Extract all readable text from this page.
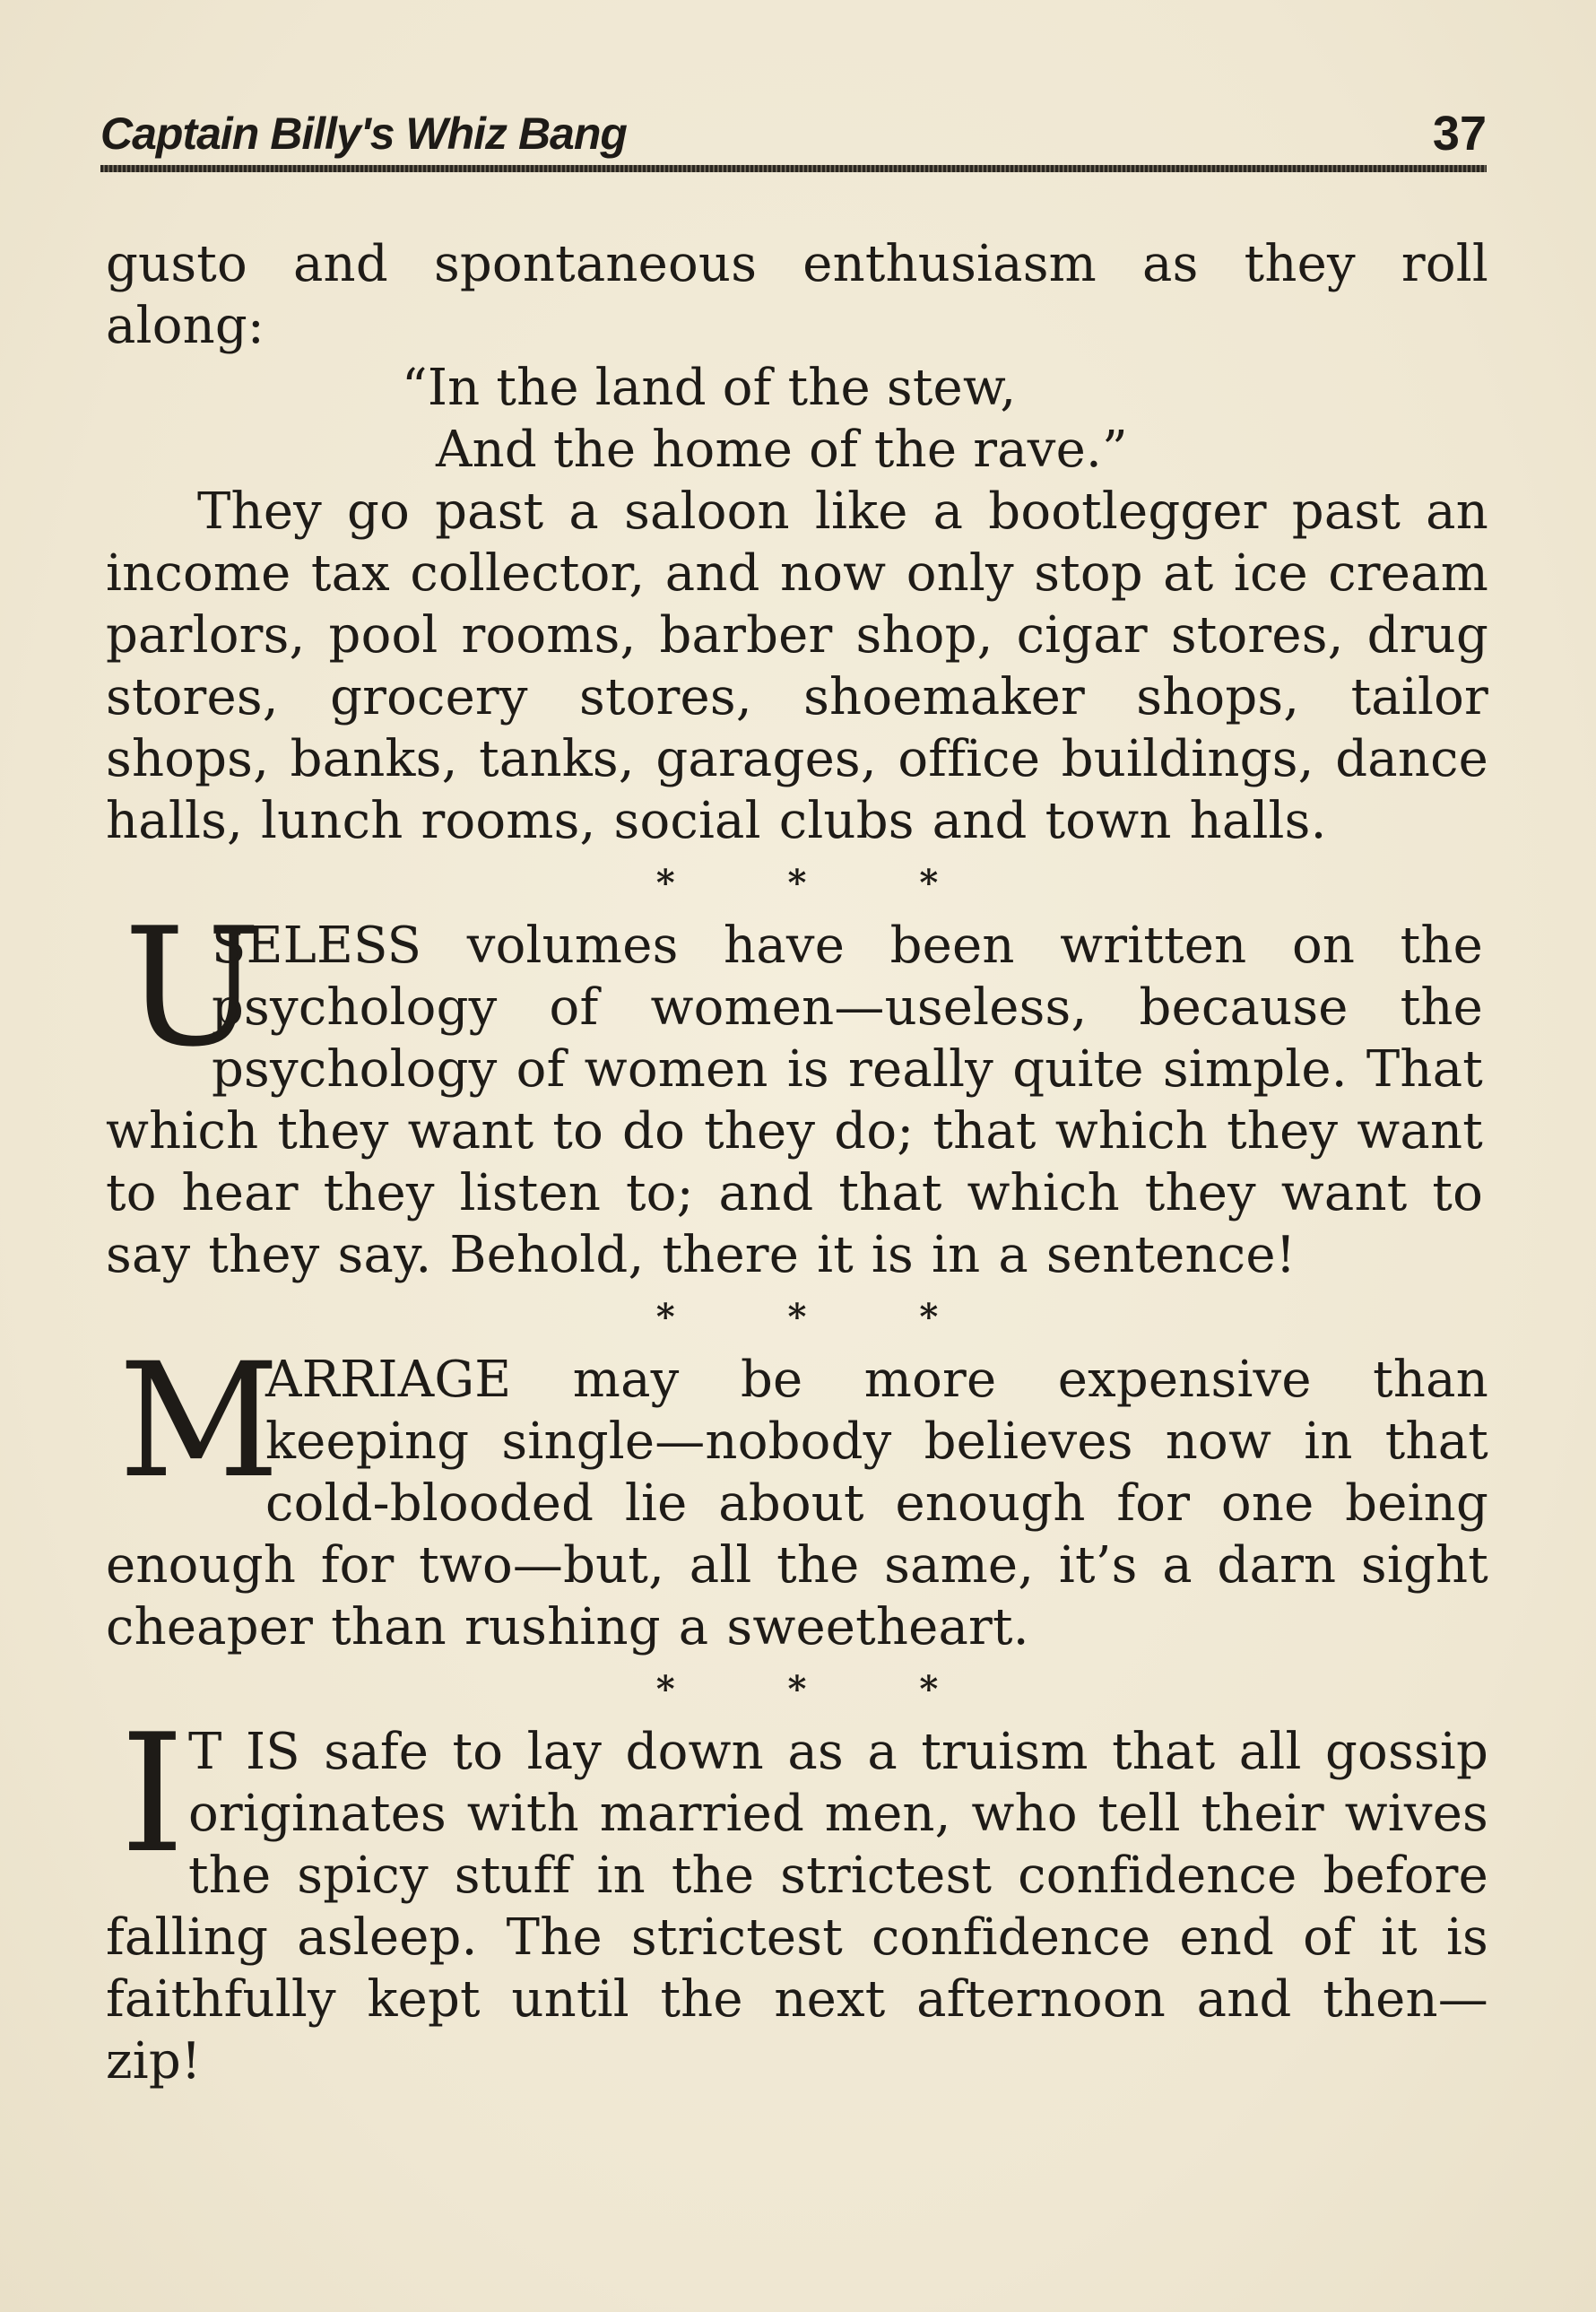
Captain Billy's Whiz Bang	37

gusto and spontaneous enthusiasm as they roll along:

“In the land of the stew,

And the home of the rave.”

They go past a saloon like a bootlegger past an income tax collector, and now only stop at ice cream parlors, pool rooms, barber shop, cigar stores, drug stores, grocery stores, shoemaker shops, tailor shops, banks, tanks, garages, office buildings, dance halls, lunch rooms, social clubs and town halls.

* * *

U

SELESS volumes have been written on the psychology of women—useless, because the psychology of women is really quite simple. That which they want to do they do; that which they want to hear they listen to; and that which they want to say they say. Behold, there it is in a sentence!

* * *

M

ARRIAGE may be more expensive than keeping single—nobody believes now in that cold-blooded lie about enough for one being enough for two—but, all the same, it’s a darn sight cheaper than rushing a sweetheart.

* * *

I T IS safe to lay down as a truism that all gossip originates with married men, who tell their wives the spicy stuff in the strictest confidence before falling asleep. The strictest confidence end of it is faithfully kept until the next afternoon and then—zip!
